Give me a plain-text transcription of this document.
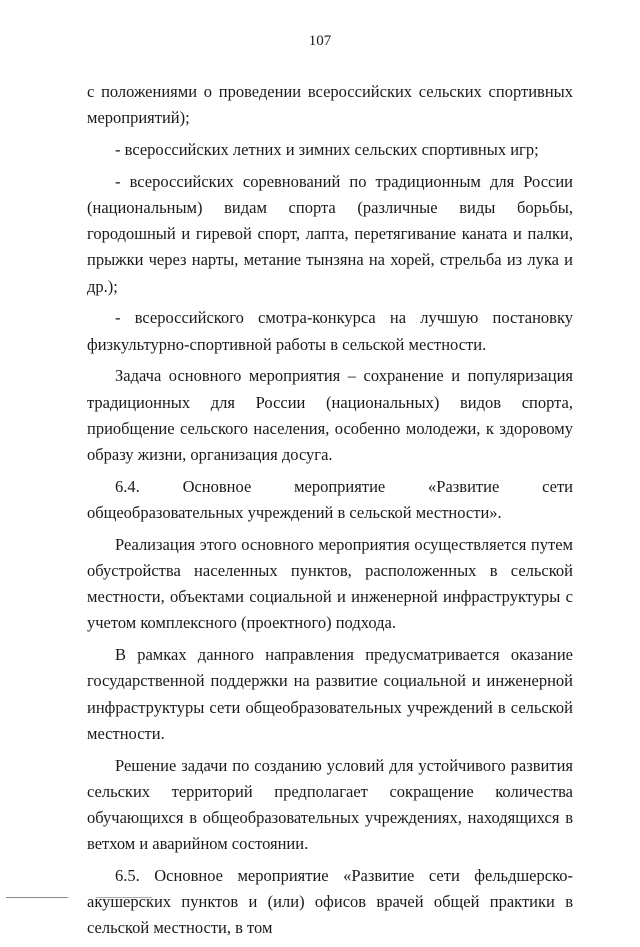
107

с положениями о проведении всероссийских сельских спортивных мероприятий);

- всероссийских летних и зимних сельских спортивных игр;

- всероссийских соревнований по традиционным для России (национальным) видам спорта (различные виды борьбы, городошный и гиревой спорт, лапта, перетягивание каната и палки, прыжки через нарты, метание тынзяна на хорей, стрельба из лука и др.);

- всероссийского смотра-конкурса на лучшую постановку физкультурно-спортивной работы в сельской местности.

Задача основного мероприятия – сохранение и популяризация традиционных для России (национальных) видов спорта, приобщение сельского населения, особенно молодежи, к здоровому образу жизни, организация досуга.

6.4. Основное мероприятие «Развитие сети общеобразовательных учреждений в сельской местности».

Реализация этого основного мероприятия осуществляется путем обустройства населенных пунктов, расположенных в сельской местности, объектами социальной и инженерной инфраструктуры с учетом комплексного (проектного) подхода.

В рамках данного направления предусматривается оказание государственной поддержки на развитие социальной и инженерной инфраструктуры сети общеобразовательных учреждений в сельской местности.

Решение задачи по созданию условий для устойчивого развития сельских территорий предполагает сокращение количества обучающихся в общеобразовательных учреждениях, находящихся в ветхом и аварийном состоянии.

6.5. Основное мероприятие «Развитие сети фельдшерско-акушерских пунктов и (или) офисов врачей общей практики в сельской местности, в том
